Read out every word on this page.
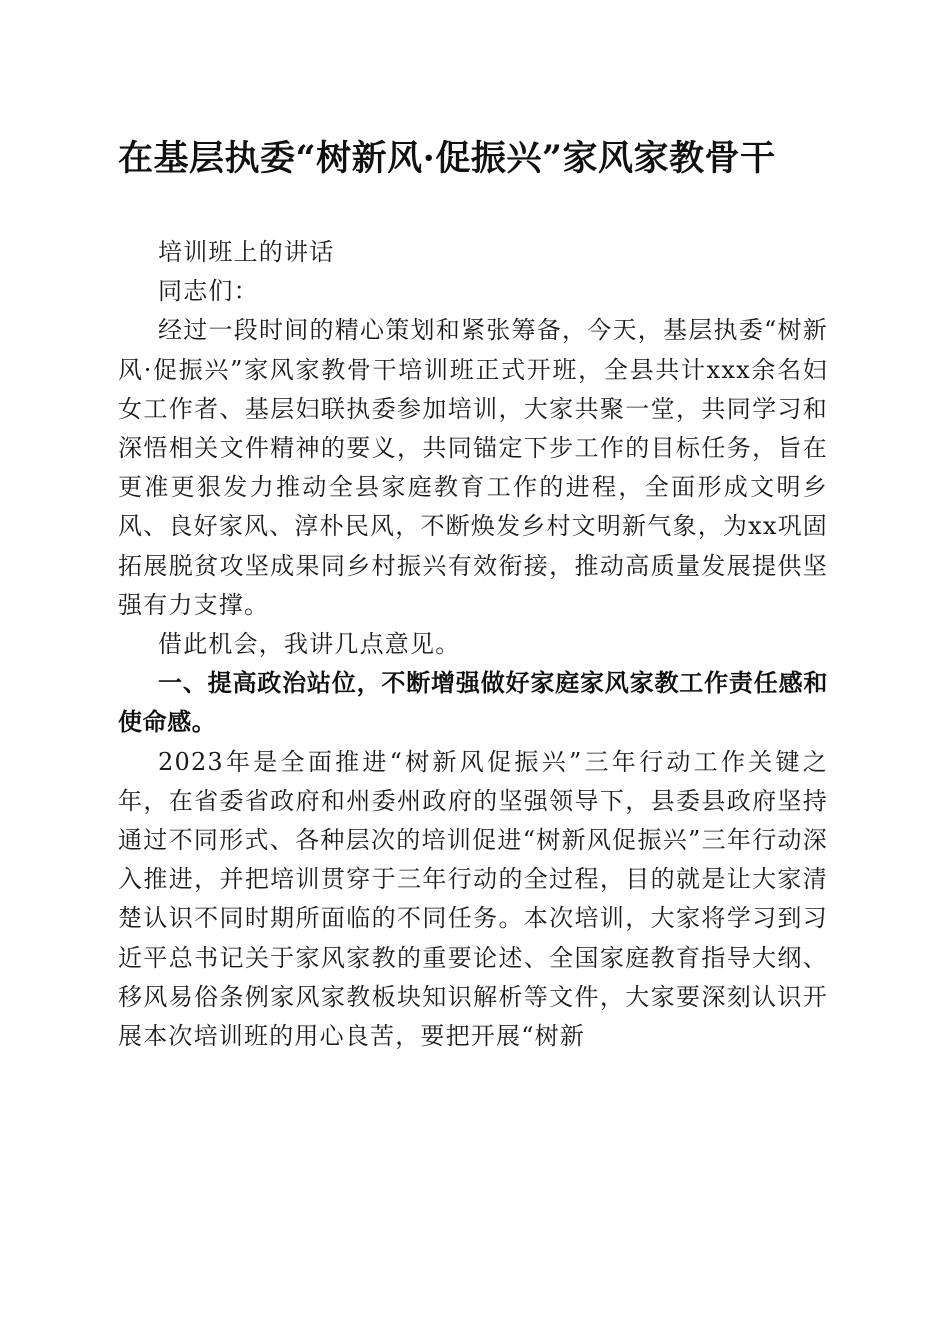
在基层执委“树新风·促振兴”家风家教骨干

培训班上的讲话

同志们：

经过一段时间的精心策划和紧张筹备，今天，基层执委“树新风·促振兴”家风家教骨干培训班正式开班，全县共计xxx余名妇女工作者、基层妇联执委参加培训，大家共聚一堂，共同学习和深悟相关文件精神的要义，共同锚定下步工作的目标任务，旨在更准更狠发力推动全县家庭教育工作的进程，全面形成文明乡风、良好家风、淳朴民风，不断焕发乡村文明新气象，为xx巩固拓展脱贫攻坚成果同乡村振兴有效衔接，推动高质量发展提供坚强有力支撑。

借此机会，我讲几点意见。

一、提高政治站位，不断增强做好家庭家风家教工作责任感和使命感。

2023年是全面推进“树新风促振兴”三年行动工作关键之年，在省委省政府和州委州政府的坚强领导下，县委县政府坚持通过不同形式、各种层次的培训促进“树新风促振兴”三年行动深入推进，并把培训贯穿于三年行动的全过程，目的就是让大家清楚认识不同时期所面临的不同任务。本次培训，大家将学习到习近平总书记关于家风家教的重要论述、全国家庭教育指导大纲、移风易俗条例家风家教板块知识解析等文件，大家要深刻认识开展本次培训班的用心良苦，要把开展“树新
